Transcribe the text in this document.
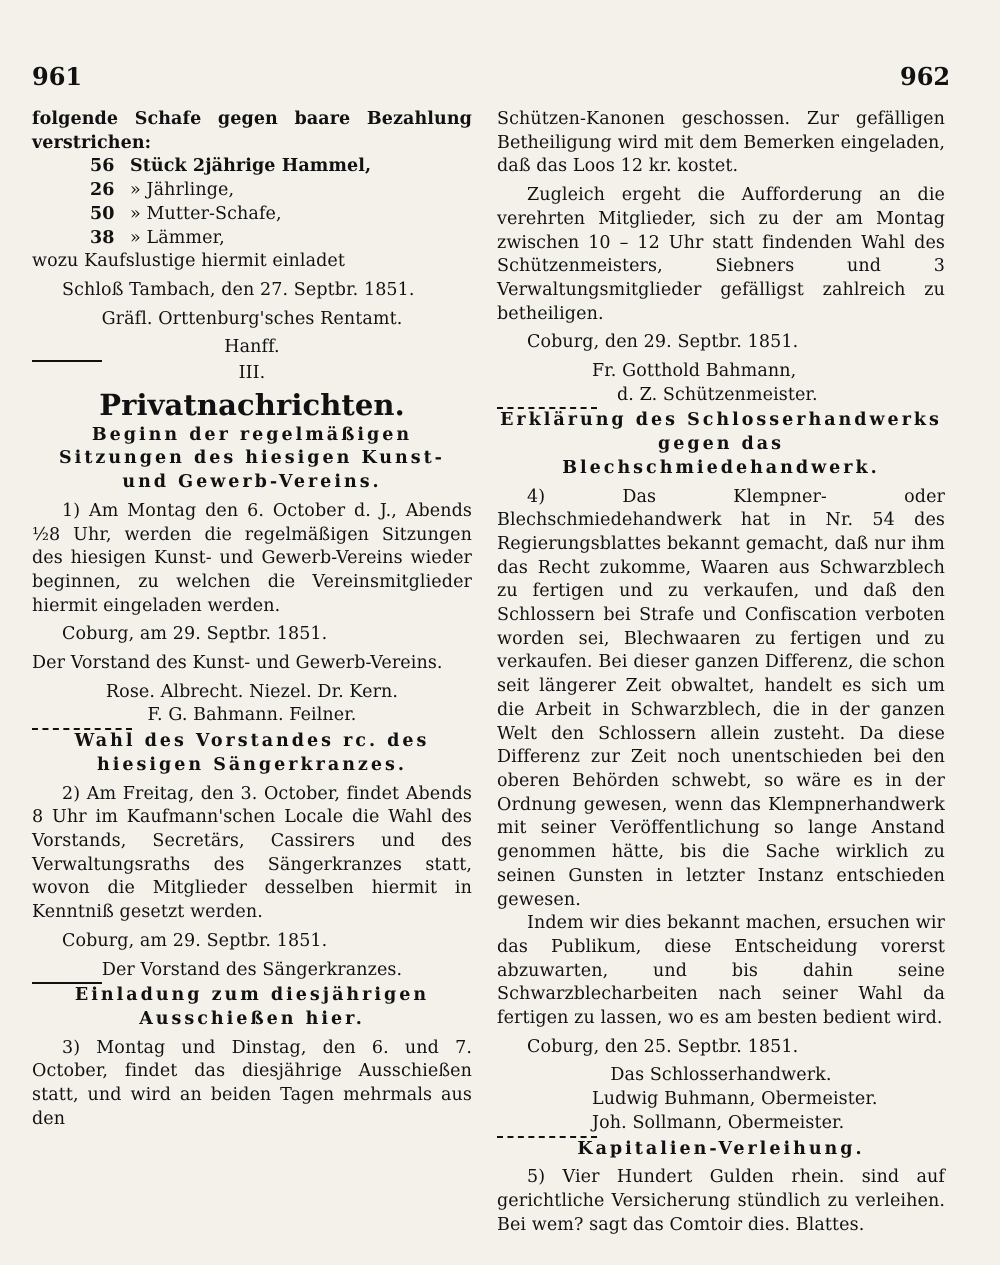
961	962

folgende Schafe gegen baare Bezahlung verstrichen:

56 Stück 2jährige Hammel,
26 » Jährlinge,
50 » Mutter-Schafe,
38 » Lämmer,

wozu Kaufslustige hiermit einladet

Schloß Tambach, den 27. Septbr. 1851.

Gräfl. Orttenburg'sches Rentamt.

Hanff.

III.

Privatnachrichten.

Beginn der regelmäßigen Sitzungen des hiesigen Kunst- und Gewerb-Vereins.

1) Am Montag den 6. October d. J., Abends ½8 Uhr, werden die regelmäßigen Sitzungen des hiesigen Kunst- und Gewerb-Vereins wieder beginnen, zu welchen die Vereinsmitglieder hiermit eingeladen werden.

Coburg, am 29. Septbr. 1851.

Der Vorstand des Kunst- und Gewerb-Vereins.

Rose. Albrecht. Niezel. Dr. Kern.

F. G. Bahmann. Feilner.

Wahl des Vorstandes rc. des hiesigen Sängerkranzes.

2) Am Freitag, den 3. October, findet Abends 8 Uhr im Kaufmann'schen Locale die Wahl des Vorstands, Secretärs, Cassirers und des Verwaltungsraths des Sängerkranzes statt, wovon die Mitglieder desselben hiermit in Kenntniß gesetzt werden.

Coburg, am 29. Septbr. 1851.

Der Vorstand des Sängerkranzes.

Einladung zum diesjährigen Ausschießen hier.

3) Montag und Dinstag, den 6. und 7. October, findet das diesjährige Ausschießen statt, und wird an beiden Tagen mehrmals aus den

Schützen-Kanonen geschossen. Zur gefälligen Betheiligung wird mit dem Bemerken eingeladen, daß das Loos 12 kr. kostet.

Zugleich ergeht die Aufforderung an die verehrten Mitglieder, sich zu der am Montag zwischen 10 – 12 Uhr statt findenden Wahl des Schützenmeisters, Siebners und 3 Verwaltungsmitglieder gefälligst zahlreich zu betheiligen.

Coburg, den 29. Septbr. 1851.

Fr. Gotthold Bahmann,

d. Z. Schützenmeister.

Erklärung des Schlosserhandwerks gegen das Blechschmiedehandwerk.

4) Das Klempner- oder Blechschmiedehandwerk hat in Nr. 54 des Regierungsblattes bekannt gemacht, daß nur ihm das Recht zukomme, Waaren aus Schwarzblech zu fertigen und zu verkaufen, und daß den Schlossern bei Strafe und Confiscation verboten worden sei, Blechwaaren zu fertigen und zu verkaufen. Bei dieser ganzen Differenz, die schon seit längerer Zeit obwaltet, handelt es sich um die Arbeit in Schwarzblech, die in der ganzen Welt den Schlossern allein zusteht. Da diese Differenz zur Zeit noch unentschieden bei den oberen Behörden schwebt, so wäre es in der Ordnung gewesen, wenn das Klempnerhandwerk mit seiner Veröffentlichung so lange Anstand genommen hätte, bis die Sache wirklich zu seinen Gunsten in letzter Instanz entschieden gewesen.

Indem wir dies bekannt machen, ersuchen wir das Publikum, diese Entscheidung vorerst abzuwarten, und bis dahin seine Schwarzblecharbeiten nach seiner Wahl da fertigen zu lassen, wo es am besten bedient wird.

Coburg, den 25. Septbr. 1851.

Das Schlosserhandwerk.

Ludwig Buhmann, Obermeister.

Joh. Sollmann, Obermeister.

Kapitalien-Verleihung.

5) Vier Hundert Gulden rhein. sind auf gerichtliche Versicherung stündlich zu verleihen. Bei wem? sagt das Comtoir dies. Blattes.
